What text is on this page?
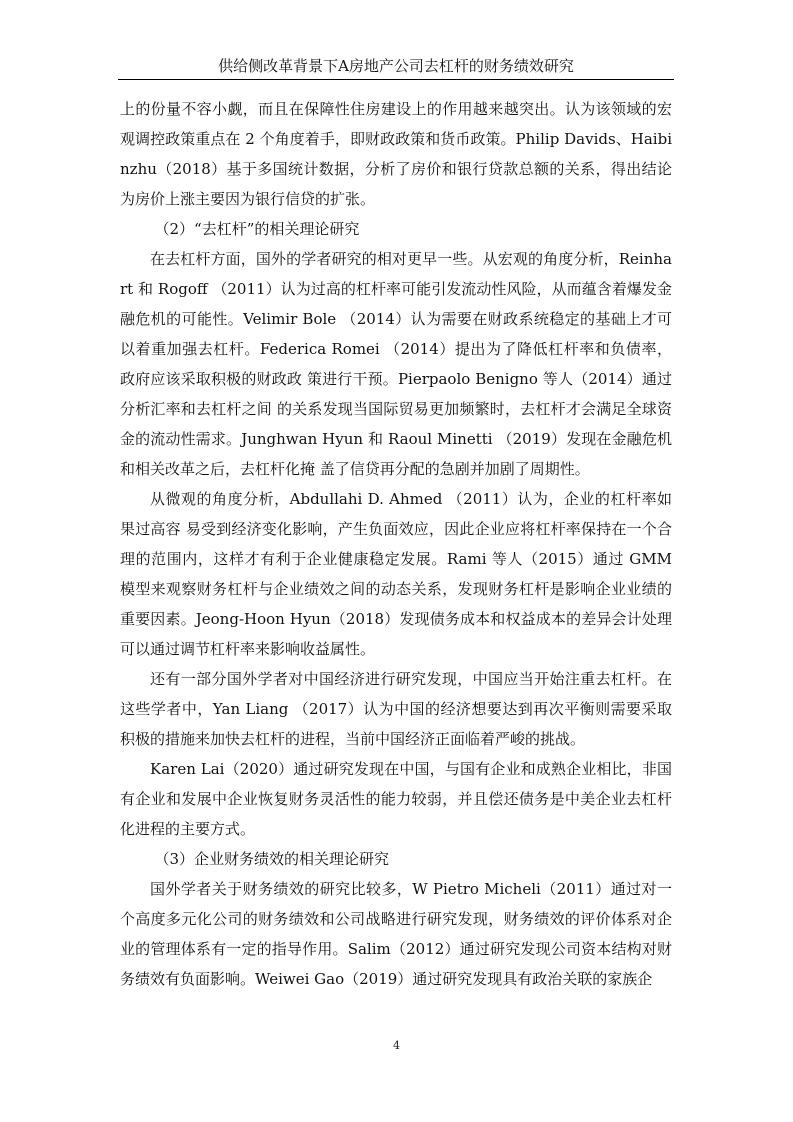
供给侧改革背景下A房地产公司去杠杆的财务绩效研究

上的份量不容小觑，而且在保障性住房建设上的作用越来越突出。认为该领域的宏观调控政策重点在 2 个角度着手，即财政政策和货币政策。Philip Davids、Haibinzhu（2018）基于多国统计数据，分析了房价和银行贷款总额的关系，得出结论为房价上涨主要因为银行信贷的扩张。

（2）“去杠杆”的相关理论研究

在去杠杆方面，国外的学者研究的相对更早一些。从宏观的角度分析，Reinhart 和 Rogoff （2011）认为过高的杠杆率可能引发流动性风险，从而蕴含着爆发金融危机的可能性。Velimir Bole （2014）认为需要在财政系统稳定的基础上才可以着重加强去杠杆。Federica Romei （2014）提出为了降低杠杆率和负债率，政府应该采取积极的财政政 策进行干预。Pierpaolo Benigno 等人（2014）通过分析汇率和去杠杆之间 的关系发现当国际贸易更加频繁时，去杠杆才会满足全球资金的流动性需求。Junghwan Hyun 和 Raoul Minetti （2019）发现在金融危机和相关改革之后，去杠杆化掩 盖了信贷再分配的急剧并加剧了周期性。

从微观的角度分析，Abdullahi D. Ahmed （2011）认为，企业的杠杆率如果过高容 易受到经济变化影响，产生负面效应，因此企业应将杠杆率保持在一个合理的范围内，这样才有利于企业健康稳定发展。Rami 等人（2015）通过 GMM 模型来观察财务杠杆与企业绩效之间的动态关系，发现财务杠杆是影响企业业绩的重要因素。Jeong-Hoon Hyun（2018）发现债务成本和权益成本的差异会计处理可以通过调节杠杆率来影响收益属性。

还有一部分国外学者对中国经济进行研究发现，中国应当开始注重去杠杆。在这些学者中，Yan Liang （2017）认为中国的经济想要达到再次平衡则需要采取积极的措施来加快去杠杆的进程，当前中国经济正面临着严峻的挑战。

Karen Lai（2020）通过研究发现在中国，与国有企业和成熟企业相比，非国有企业和发展中企业恢复财务灵活性的能力较弱，并且偿还债务是中美企业去杠杆化进程的主要方式。

（3）企业财务绩效的相关理论研究

国外学者关于财务绩效的研究比较多，W Pietro Micheli（2011）通过对一个高度多元化公司的财务绩效和公司战略进行研究发现，财务绩效的评价体系对企业的管理体系有一定的指导作用。Salim（2012）通过研究发现公司资本结构对财务绩效有负面影响。Weiwei Gao（2019）通过研究发现具有政治关联的家族企

4
